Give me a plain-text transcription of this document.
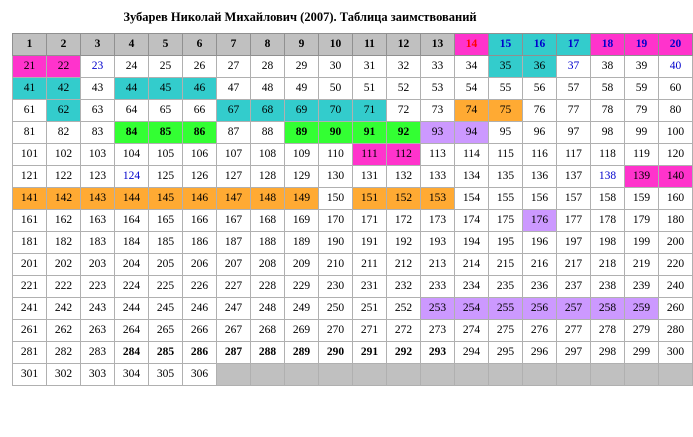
Зубарев Николай Михайлович (2007). Таблица заимствований
1	2	3	4	5	6	7	8	9	10	11	12	13	14	15	16	17	18	19	20
21	22	23	24	25	26	27	28	29	30	31	32	33	34	35	36	37	38	39	40
41	42	43	44	45	46	47	48	49	50	51	52	53	54	55	56	57	58	59	60
61	62	63	64	65	66	67	68	69	70	71	72	73	74	75	76	77	78	79	80
81	82	83	84	85	86	87	88	89	90	91	92	93	94	95	96	97	98	99	100
101	102	103	104	105	106	107	108	109	110	111	112	113	114	115	116	117	118	119	120
121	122	123	124	125	126	127	128	129	130	131	132	133	134	135	136	137	138	139	140
141	142	143	144	145	146	147	148	149	150	151	152	153	154	155	156	157	158	159	160
161	162	163	164	165	166	167	168	169	170	171	172	173	174	175	176	177	178	179	180
181	182	183	184	185	186	187	188	189	190	191	192	193	194	195	196	197	198	199	200
201	202	203	204	205	206	207	208	209	210	211	212	213	214	215	216	217	218	219	220
221	222	223	224	225	226	227	228	229	230	231	232	233	234	235	236	237	238	239	240
241	242	243	244	245	246	247	248	249	250	251	252	253	254	255	256	257	258	259	260
261	262	263	264	265	266	267	268	269	270	271	272	273	274	275	276	277	278	279	280
281	282	283	284	285	286	287	288	289	290	291	292	293	294	295	296	297	298	299	300
301	302	303	304	305	306														
